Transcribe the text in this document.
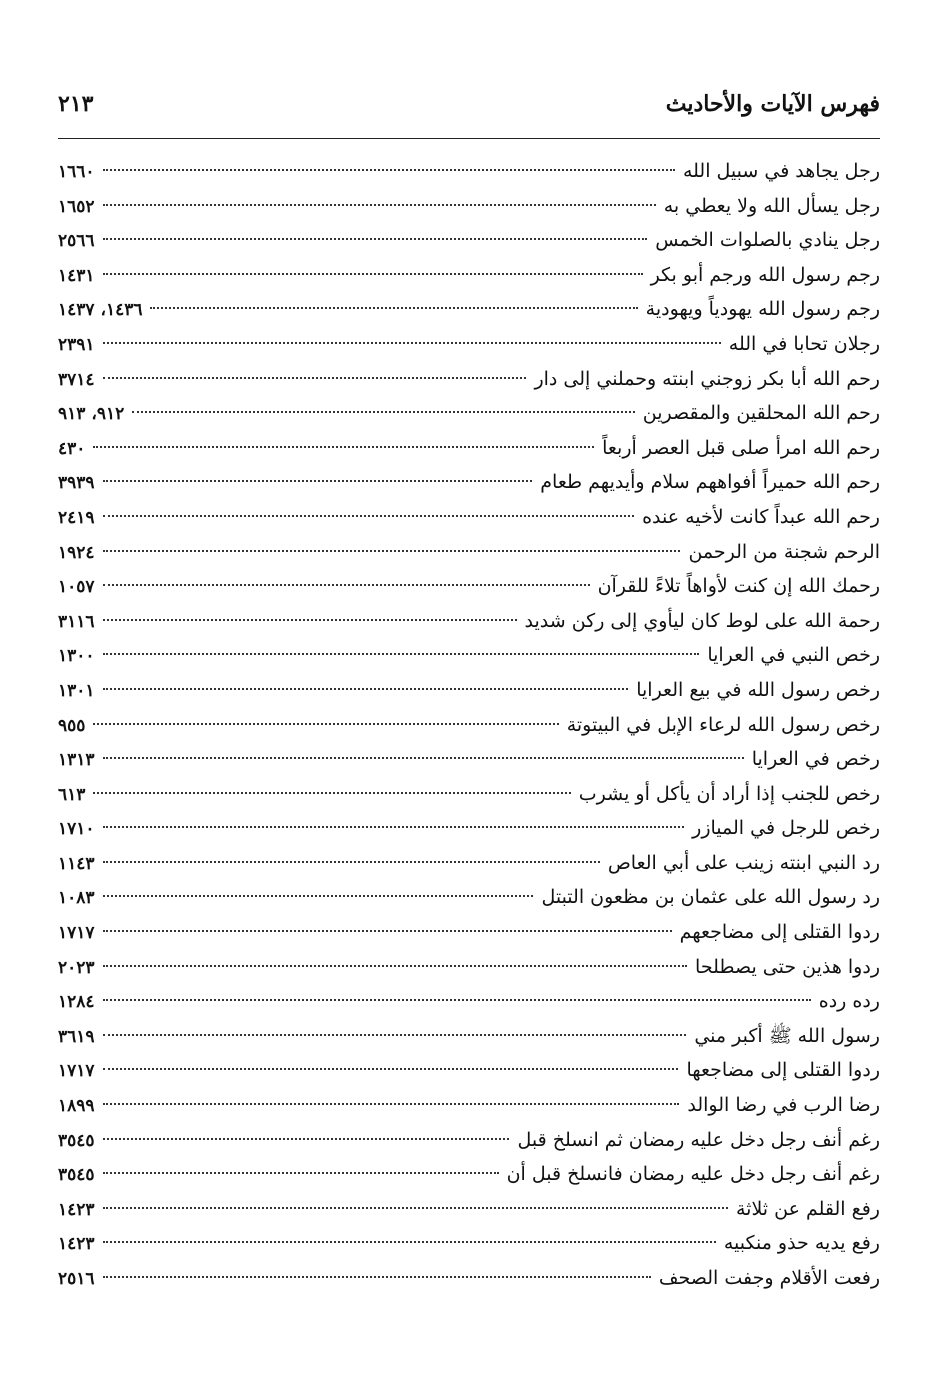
فهرس الآيات والأحاديث
٢١٣
رجل يجاهد في سبيل الله
١٦٦٠
رجل يسأل الله ولا يعطي به
١٦٥٢
رجل ينادي بالصلوات الخمس
٢٥٦٦
رجم رسول الله ورجم أبو بكر
١٤٣١
رجم رسول الله يهودياً ويهودية
١٤٣٦، ١٤٣٧
رجلان تحابا في الله
٢٣٩١
رحم الله أبا بكر زوجني ابنته وحملني إلى دار
٣٧١٤
رحم الله المحلقين والمقصرين
٩١٢، ٩١٣
رحم الله امرأ صلى قبل العصر أربعاً
٤٣٠
رحم الله حميراً أفواههم سلام وأيديهم طعام
٣٩٣٩
رحم الله عبداً كانت لأخيه عنده
٢٤١٩
الرحم شجنة من الرحمن
١٩٢٤
رحمك الله إن كنت لأواهاً تلاءً للقرآن
١٠٥٧
رحمة الله على لوط كان ليأوي إلى ركن شديد
٣١١٦
رخص النبي في العرايا
١٣٠٠
رخص رسول الله في بيع العرايا
١٣٠١
رخص رسول الله لرعاء الإبل في البيتوتة
٩٥٥
رخص في العرايا
١٣١٣
رخص للجنب إذا أراد أن يأكل أو يشرب
٦١٣
رخص للرجل في الميازر
١٧١٠
رد النبي ابنته زينب على أبي العاص
١١٤٣
رد رسول الله على عثمان بن مظعون التبتل
١٠٨٣
ردوا القتلى إلى مضاجعهم
١٧١٧
ردوا هذين حتى يصطلحا
٢٠٢٣
رده رده
١٢٨٤
رسول الله ﷺ أكبر مني
٣٦١٩
ردوا القتلى إلى مضاجعها
١٧١٧
رضا الرب في رضا الوالد
١٨٩٩
رغم أنف رجل دخل عليه رمضان ثم انسلخ قبل
٣٥٤٥
رغم أنف رجل دخل عليه رمضان فانسلخ قبل أن
٣٥٤٥
رفع القلم عن ثلاثة
١٤٢٣
رفع يديه حذو منكبيه
١٤٢٣
رفعت الأقلام وجفت الصحف
٢٥١٦
